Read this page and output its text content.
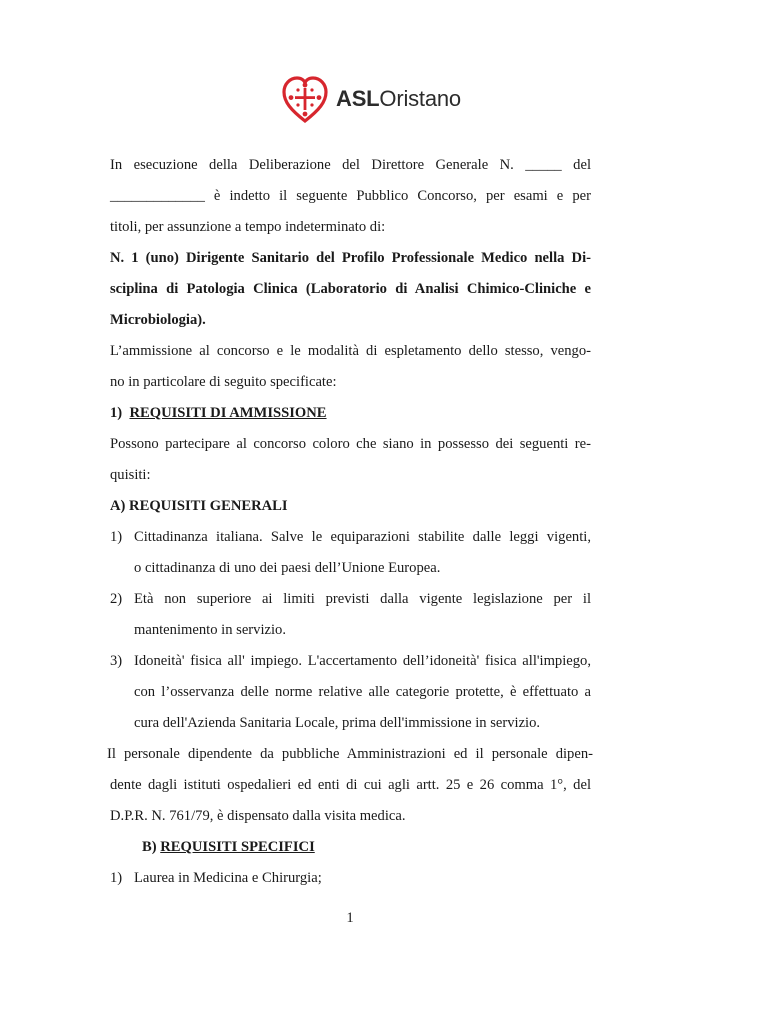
ASLOristano
In esecuzione della Deliberazione del Direttore Generale N. _____ del
_____________ è indetto il seguente Pubblico Concorso, per esami e per
titoli, per assunzione a tempo indeterminato di:
N. 1 (uno) Dirigente Sanitario del Profilo Professionale Medico nella Di-
sciplina di Patologia Clinica (Laboratorio di Analisi Chimico-Cliniche e
Microbiologia).
L’ammissione al concorso e le modalità di espletamento dello stesso, vengo-
no in particolare di seguito specificate:
1) REQUISITI DI AMMISSIONE
Possono partecipare al concorso coloro che siano in possesso dei seguenti re-
quisiti:
A) REQUISITI GENERALI
1) Cittadinanza italiana. Salve le equiparazioni stabilite dalle leggi vigenti,
o cittadinanza di uno dei paesi dell’Unione Europea.
2) Età non superiore ai limiti previsti dalla vigente legislazione per il
mantenimento in servizio.
3) Idoneità' fisica all' impiego. L'accertamento dell’idoneità' fisica all'impiego,
con l’osservanza delle norme relative alle categorie protette, è effettuato a
cura dell'Azienda Sanitaria Locale, prima dell'immissione in servizio.
Il personale dipendente da pubbliche Amministrazioni ed il personale dipen-
dente dagli istituti ospedalieri ed enti di cui agli artt. 25 e 26 comma 1°, del
D.P.R. N. 761/79, è dispensato dalla visita medica.
B) REQUISITI SPECIFICI
1) Laurea in Medicina e Chirurgia;
1
